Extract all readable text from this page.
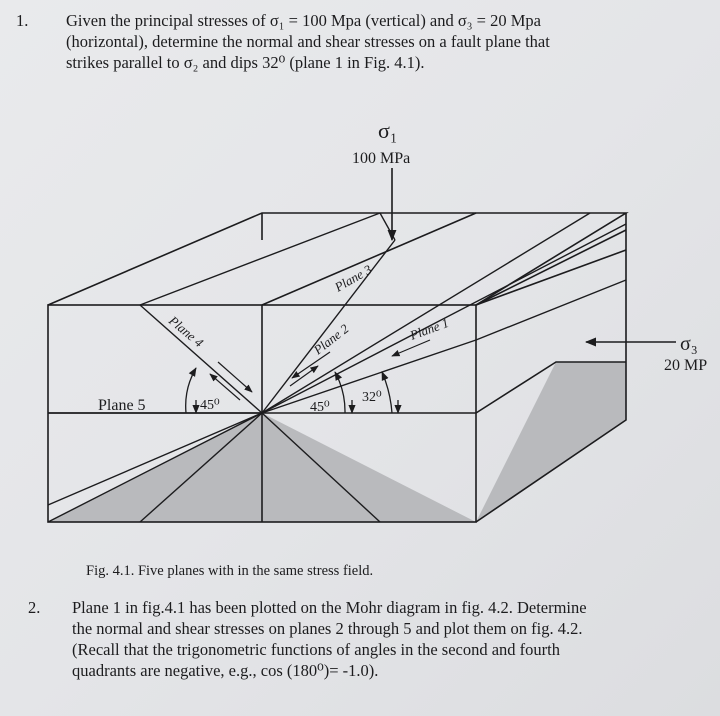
1. Given the principal stresses of σ₁ = 100 Mpa (vertical) and σ₃ = 20 Mpa
(horizontal), determine the normal and shear stresses on a fault plane that
strikes parallel to σ₂ and dips 32⁰ (plane 1 in Fig. 4.1).
σ₁
100 MPa
σ₃
20 MP
Plane 5
Plane 4
Plane 3
Plane 2	Plane 1
45⁰	45⁰
32⁰
Fig. 4.1. Five planes with in the same stress field.
2. Plane 1 in fig.4.1 has been plotted on the Mohr diagram in fig. 4.2. Determine
the normal and shear stresses on planes 2 through 5 and plot them on fig. 4.2.
(Recall that the trigonometric functions of angles in the second and fourth
quadrants are negative, e.g., cos (180⁰)= -1.0).
